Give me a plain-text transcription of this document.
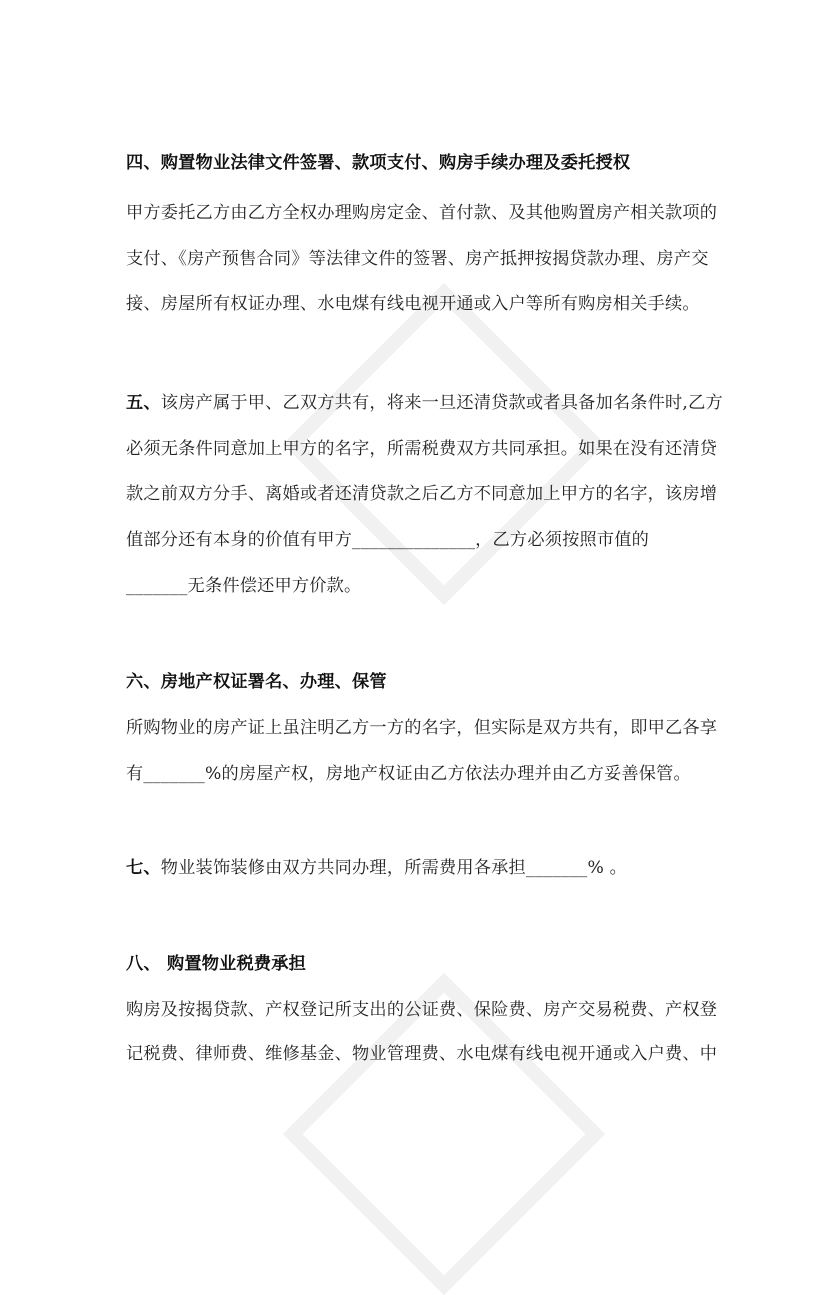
四、购置物业法律文件签署、款项支付、购房手续办理及委托授权
甲方委托乙方由乙方全权办理购房定金、首付款、及其他购置房产相关款项的
支付、《房产预售合同》等法律文件的签署、房产抵押按揭贷款办理、房产交
接、房屋所有权证办理、水电煤有线电视开通或入户等所有购房相关手续。
五、该房产属于甲、乙双方共有，将来一旦还清贷款或者具备加名条件时,乙方
必须无条件同意加上甲方的名字，所需税费双方共同承担。如果在没有还清贷
款之前双方分手、离婚或者还清贷款之后乙方不同意加上甲方的名字，该房增
值部分还有本身的价值有甲方______________，乙方必须按照市值的
_______无条件偿还甲方价款。
六、房地产权证署名、办理、保管
所购物业的房产证上虽注明乙方一方的名字，但实际是双方共有，即甲乙各享
有_______%的房屋产权，房地产权证由乙方依法办理并由乙方妥善保管。
七、物业装饰装修由双方共同办理，所需费用各承担_______% 。
八、 购置物业税费承担
购房及按揭贷款、产权登记所支出的公证费、保险费、房产交易税费、产权登
记税费、律师费、维修基金、物业管理费、水电煤有线电视开通或入户费、中
